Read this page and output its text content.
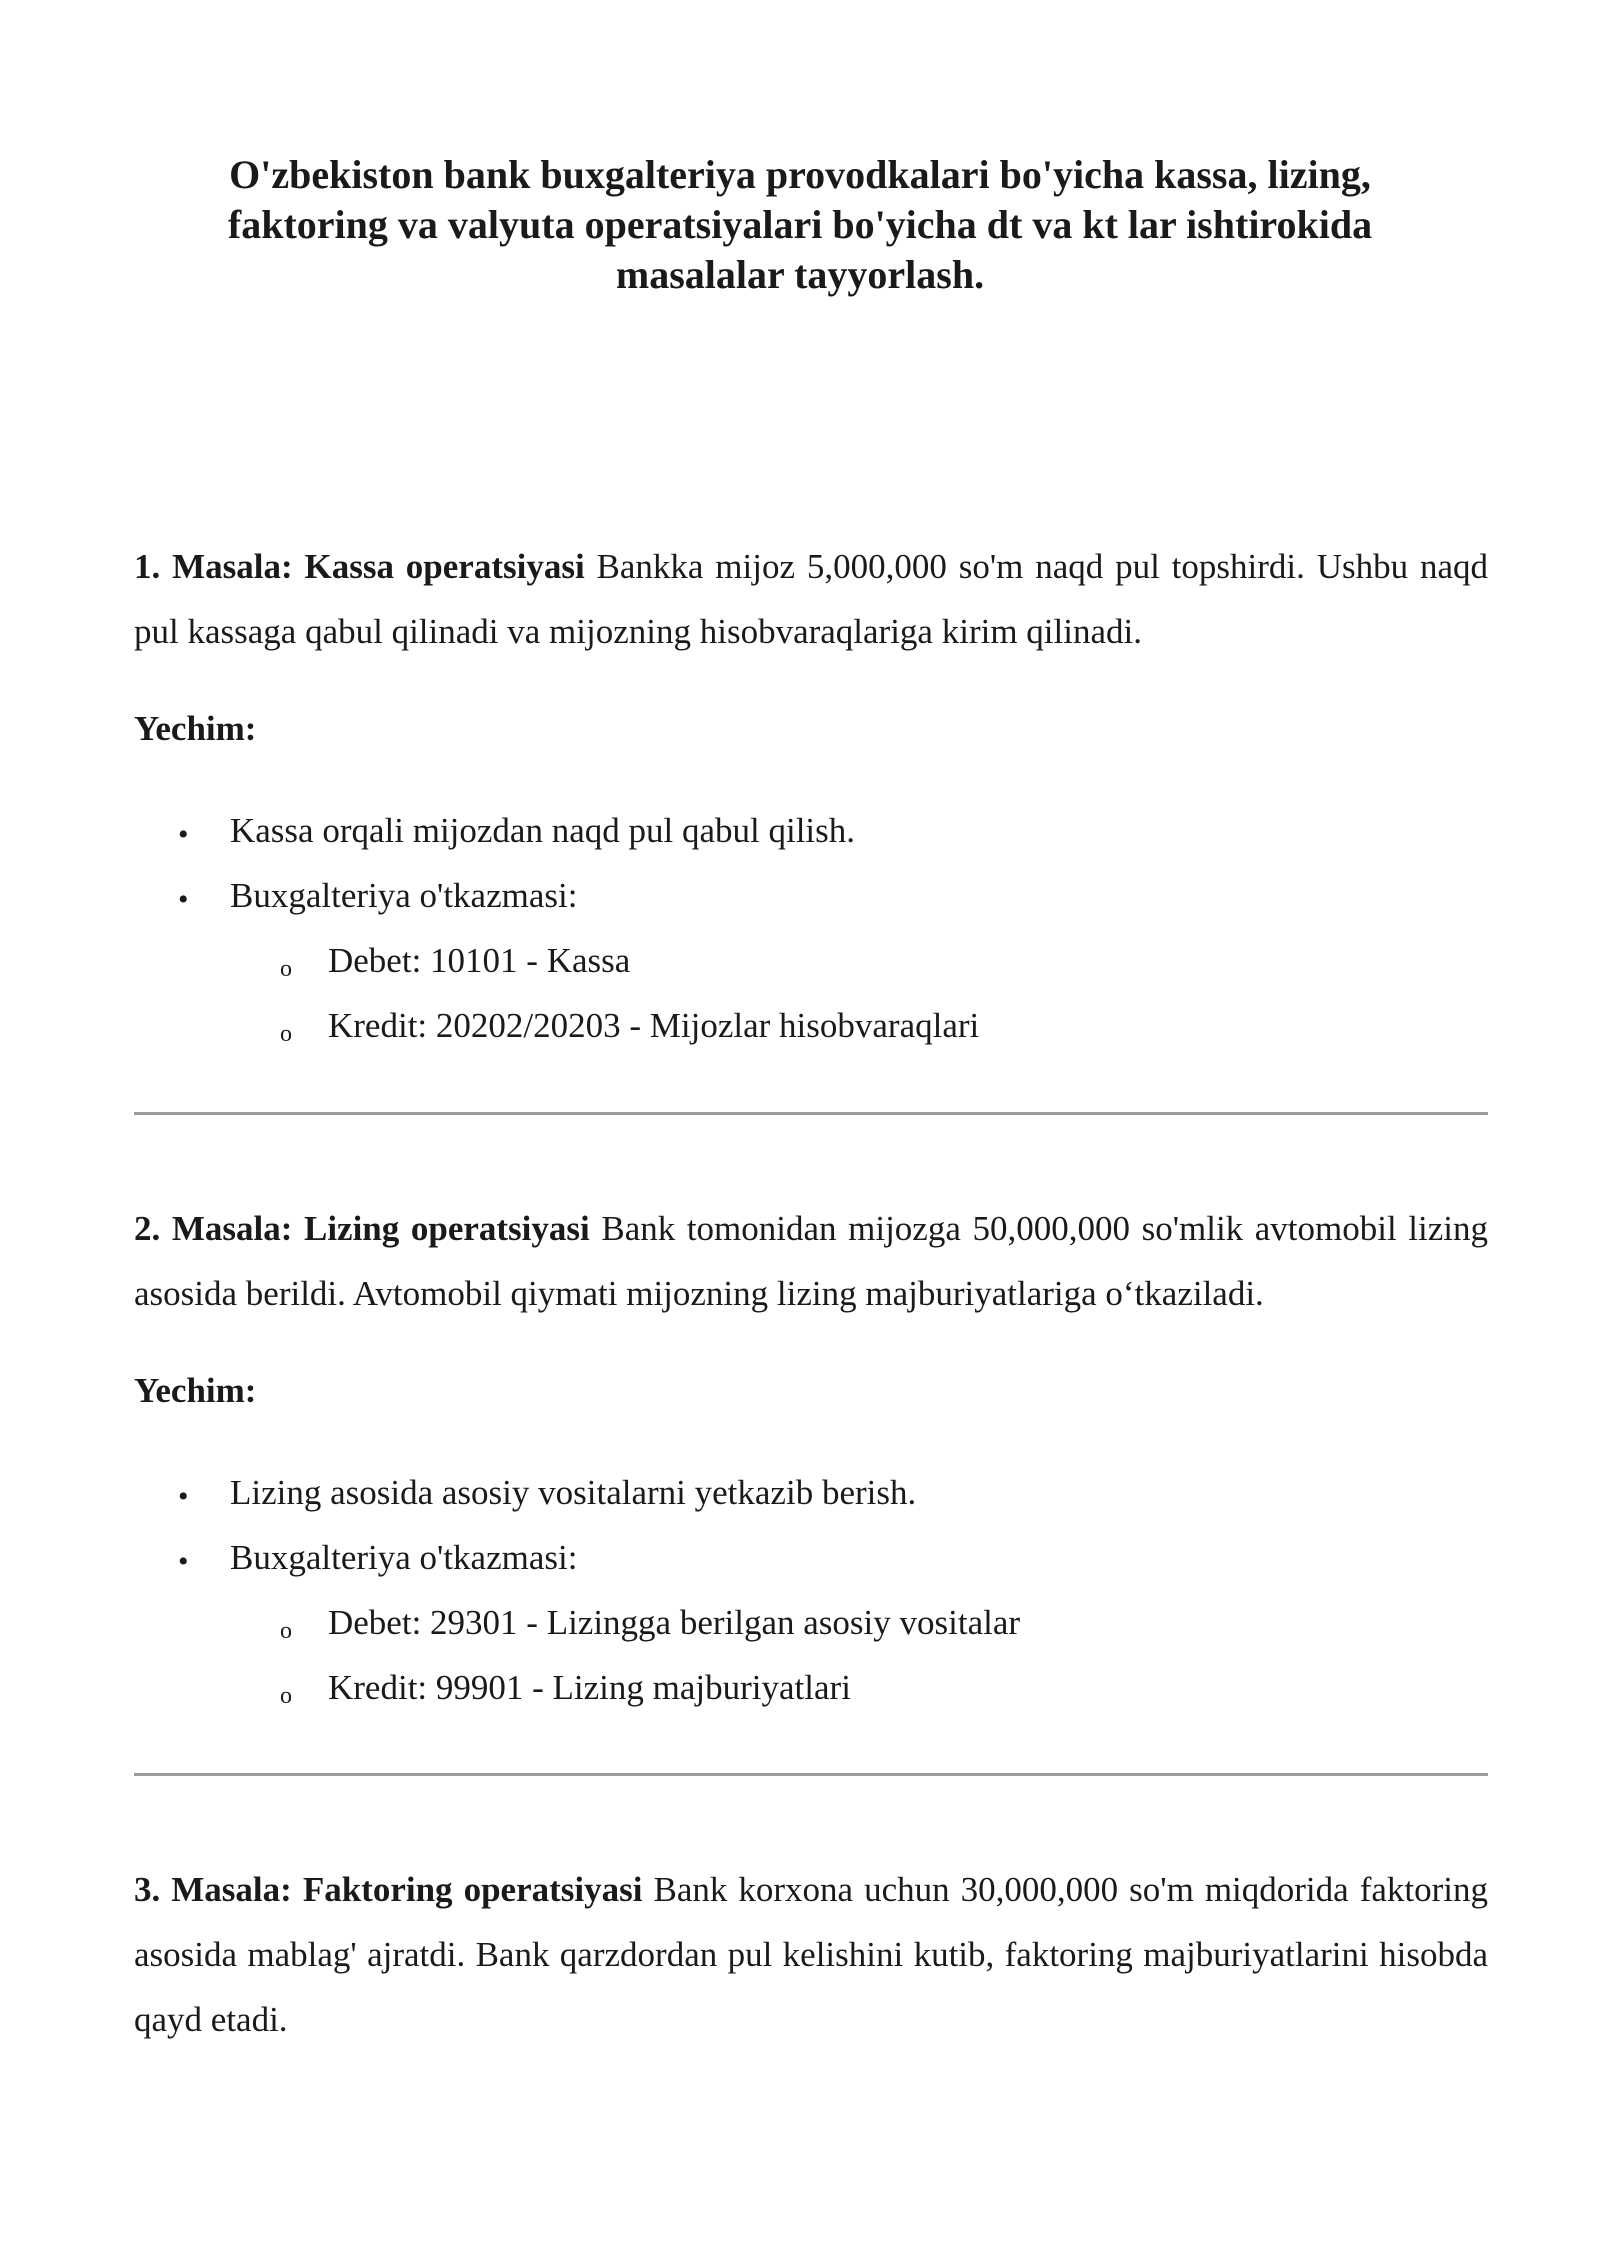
O'zbekiston bank buxgalteriya provodkalari bo'yicha kassa, lizing, faktoring va valyuta operatsiyalari bo'yicha dt va kt lar ishtirokida masalalar tayyorlash.

1. Masala: Kassa operatsiyasi Bankka mijoz 5,000,000 so'm naqd pul topshirdi. Ushbu naqd pul kassaga qabul qilinadi va mijozning hisobvaraqlariga kirim qilinadi.

Yechim:

• Kassa orqali mijozdan naqd pul qabul qilish.

• Buxgalteriya o'tkazmasi:

o Debet: 10101 - Kassa

o Kredit: 20202/20203 - Mijozlar hisobvaraqlari

2. Masala: Lizing operatsiyasi Bank tomonidan mijozga 50,000,000 so'mlik avtomobil lizing asosida berildi. Avtomobil qiymati mijozning lizing majburiyatlariga o‘tkaziladi.

Yechim:

• Lizing asosida asosiy vositalarni yetkazib berish.

• Buxgalteriya o'tkazmasi:

o Debet: 29301 - Lizingga berilgan asosiy vositalar

o Kredit: 99901 - Lizing majburiyatlari

3. Masala: Faktoring operatsiyasi Bank korxona uchun 30,000,000 so'm miqdorida faktoring asosida mablag' ajratdi. Bank qarzdordan pul kelishini kutib, faktoring majburiyatlarini hisobda qayd etadi.
